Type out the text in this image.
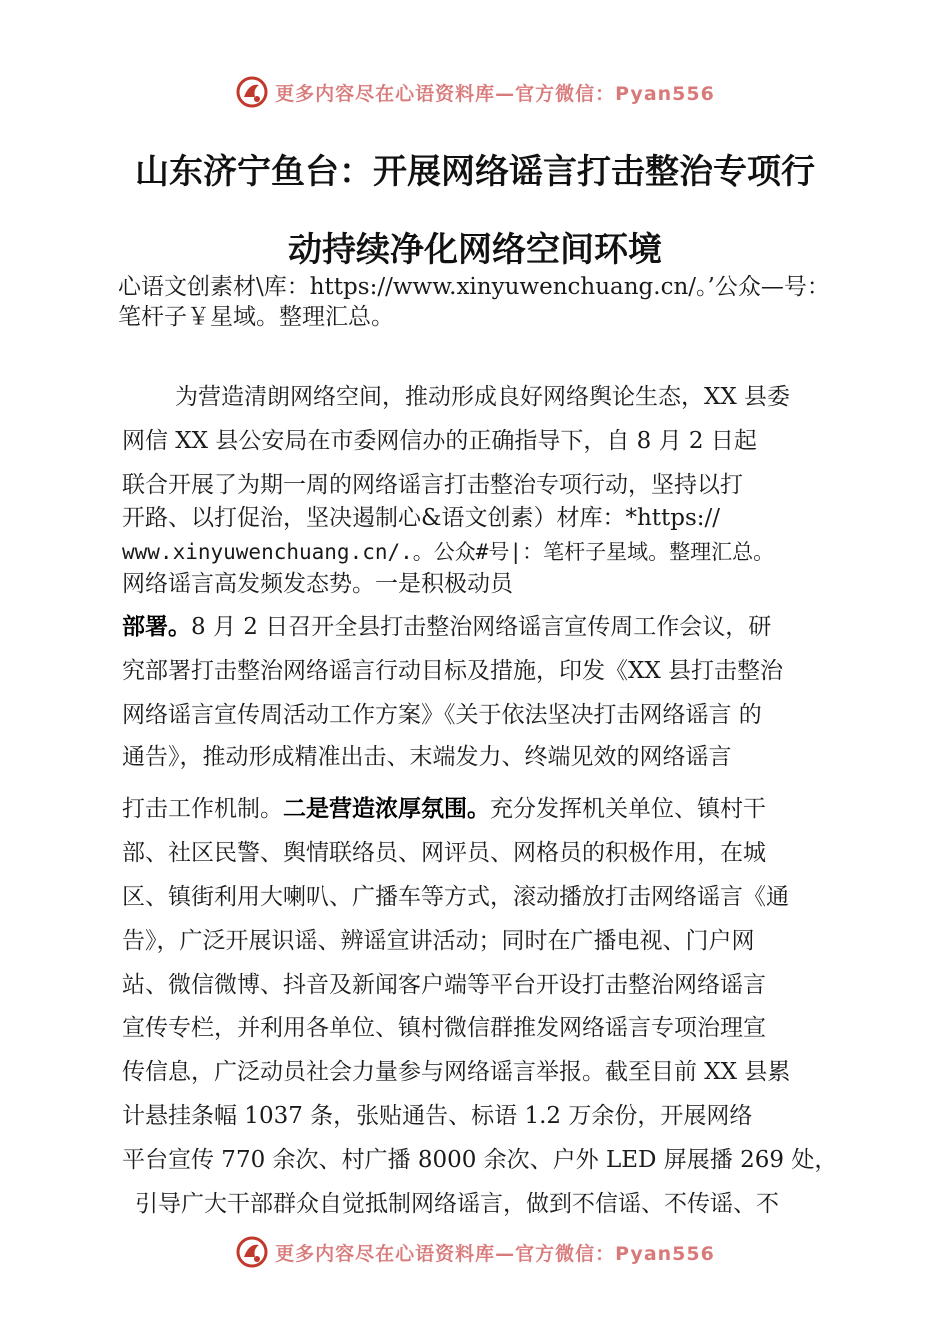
更多内容尽在心语资料库—官方微信：Pyan556
山东济宁鱼台：开展网络谣言打击整治专项行
动持续净化网络空间环境
心语文创素材\库：https://www.xinyuwenchuang.cn/。’公众—号：
笔杆子￥星域。整理汇总。
为营造清朗网络空间，推动形成良好网络舆论生态，XX 县委
网信 XX 县公安局在市委网信办的正确指导下，自 8 月 2 日起
联合开展了为期一周的网络谣言打击整治专项行动，坚持以打
开路、以打促治，坚决遏制心&语文创素）材库：*https://
www.xinyuwenchuang.cn/.。公众#号|：笔杆子星域。整理汇总。
网络谣言高发频发态势。一是积极动员
部署。8 月 2 日召开全县打击整治网络谣言宣传周工作会议，研
究部署打击整治网络谣言行动目标及措施，印发《XX 县打击整治
网络谣言宣传周活动工作方案》《关于依法坚决打击网络谣言 的
通告》，推动形成精准出击、末端发力、终端见效的网络谣言
打击工作机制。二是营造浓厚氛围。充分发挥机关单位、镇村干
部、社区民警、舆情联络员、网评员、网格员的积极作用，在城
区、镇街利用大喇叭、广播车等方式，滚动播放打击网络谣言《通
告》，广泛开展识谣、辨谣宣讲活动；同时在广播电视、门户网
站、微信微博、抖音及新闻客户端等平台开设打击整治网络谣言
宣传专栏，并利用各单位、镇村微信群推发网络谣言专项治理宣
传信息，广泛动员社会力量参与网络谣言举报。截至目前 XX 县累
计悬挂条幅 1037 条，张贴通告、标语 1.2 万余份，开展网络
平台宣传 770 余次、村广播 8000 余次、户外 LED 屏展播 269 处，
引导广大干部群众自觉抵制网络谣言，做到不信谣、不传谣、不
更多内容尽在心语资料库—官方微信：Pyan556
